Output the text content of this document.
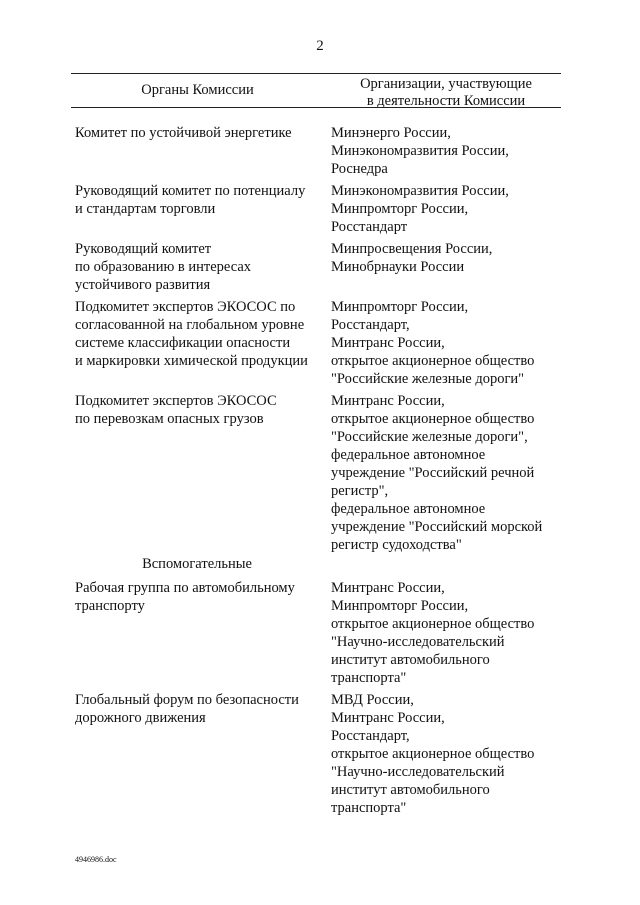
2
Органы Комиссии	Организации, участвующие
в деятельности Комиссии
Комитет по устойчивой энергетике	Минэнерго России,
Минэкономразвития России,
Роснедра
Руководящий комитет по потенциалу
и стандартам торговли
Минэкономразвития России,
Минпромторг России,
Росстандарт
Руководящий комитет
по образованию в интересах
устойчивого развития
Минпросвещения России,
Минобрнауки России
Подкомитет экспертов ЭКОСОС по
согласованной на глобальном уровне
системе классификации опасности
и маркировки химической продукции
Минпромторг России,
Росстандарт,
Минтранс России,
открытое акционерное общество
"Российские железные дороги"
Подкомитет экспертов ЭКОСОС
по перевозкам опасных грузов
Минтранс России,
открытое акционерное общество
"Российские железные дороги",
федеральное автономное
учреждение "Российский речной
регистр",
федеральное автономное
учреждение "Российский морской
регистр судоходства"
Вспомогательные
Рабочая группа по автомобильному
транспорту
Минтранс России,
Минпромторг России,
открытое акционерное общество
"Научно-исследовательский
институт автомобильного
транспорта"
Глобальный форум по безопасности
дорожного движения
МВД России,
Минтранс России,
Росстандарт,
открытое акционерное общество
"Научно-исследовательский
институт автомобильного
транспорта"
4946986.doc
